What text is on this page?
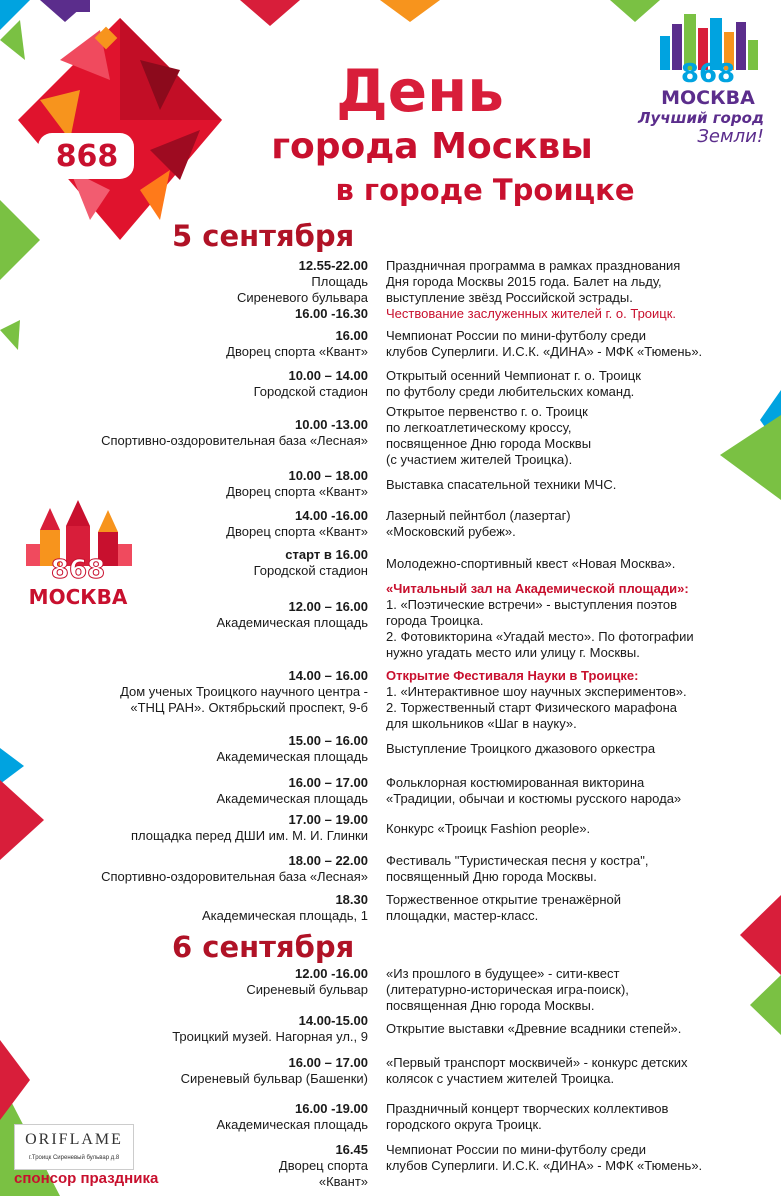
868
868
МОСКВА
Лучший город
Земли!
День
города Москвы
в городе Троицке
868
МОСКВА
5 сентября
12.55-22.00
Площадь
Сиреневого бульвара
Праздничная программа в рамках празднования
Дня города Москвы 2015 года. Балет на льду,
выступление звёзд Российской эстрады.
16.00 -16.30 Чествование заслуженных жителей г. о. Троицк.
16.00
Дворец спорта «Квант»
Чемпионат России по мини-футболу среди
клубов Суперлиги. И.С.К. «ДИНА» - МФК «Тюмень».
10.00 – 14.00
Городской стадион
Открытый осенний Чемпионат г. о. Троицк
по футболу среди любительских команд.
10.00 -13.00
Спортивно-оздоровительная база «Лесная»
Открытое первенство г. о. Троицк
по легкоатлетическому кроссу,
посвященное Дню города Москвы
(с участием жителей Троицка).
10.00 – 18.00
Дворец спорта «Квант» Выставка спасательной техники МЧС.
14.00 -16.00
Дворец спорта «Квант»
Лазерный пейнтбол (лазертаг)
«Московский рубеж».
старт в 16.00
Городской стадион Молодежно-спортивный квест «Новая Москва».
12.00 – 16.00
Академическая площадь
«Читальный зал на Академической площади»:
1. «Поэтические встречи» - выступления поэтов
города Троицка.
2. Фотовикторина «Угадай место». По фотографии
нужно угадать место или улицу г. Москвы.
14.00 – 16.00
Дом ученых Троицкого научного центра -
«ТНЦ РАН». Октябрьский проспект, 9-б
Открытие Фестиваля Науки в Троицке:
1. «Интерактивное шоу научных экспериментов».
2. Торжественный старт Физического марафона
для школьников «Шаг в науку».
15.00 – 16.00
Академическая площадь
Выступление Троицкого джазового оркестра
16.00 – 17.00
Академическая площадь
Фольклорная костюмированная викторина
«Традиции, обычаи и костюмы русского народа»
17.00 – 19.00
площадка перед ДШИ им. М. И. Глинки Конкурс «Троицк Fashion people».
18.00 – 22.00
Спортивно-оздоровительная база «Лесная»
Фестиваль "Туристическая песня у костра",
посвященный Дню города Москвы.
18.30
Академическая площадь, 1
Торжественное открытие тренажёрной
площадки, мастер-класс.
6 сентября
12.00 -16.00
Сиреневый бульвар
«Из прошлого в будущее» - сити-квест
(литературно-историческая игра-поиск),
посвященная Дню города Москвы.
14.00-15.00
Троицкий музей. Нагорная ул., 9
Открытие выставки «Древние всадники степей».
16.00 – 17.00
Сиреневый бульвар (Башенки)
«Первый транспорт москвичей» - конкурс детских
колясок с участием жителей Троицка.
16.00 -19.00
Академическая площадь
Праздничный концерт творческих коллективов
городского округа Троицк.
16.45
Дворец спорта
«Квант»
Чемпионат России по мини-футболу среди
клубов Суперлиги. И.С.К. «ДИНА» - МФК «Тюмень».
ORIFLAME
г.Троицк Сиреневый бульвар д.8
спонсор праздника
